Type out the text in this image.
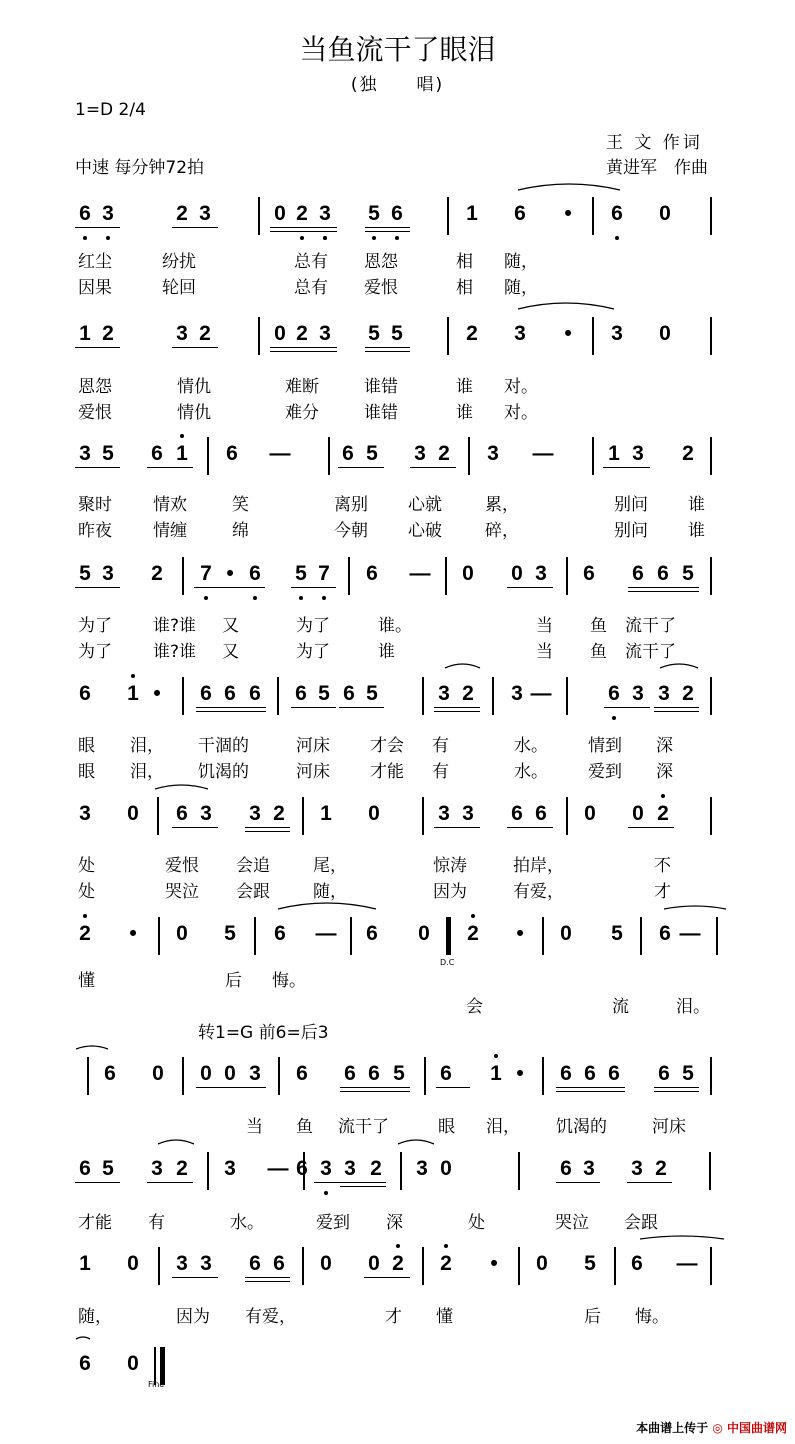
当鱼流干了眼泪
(独　　唱)
1=D 2/4
王 文 作词
中速 每分钟72拍	黄进军　作曲
转1=G 前6=后3
6 3	2 3	0 2 3 5 6	1 6	•	6 0
红尘	纷扰	总有 恩怨	相 随，
因果	轮回	总有 爱恨	相 随，
1 2	3 2	0 2 3 5 5	2 3	•	3 0
恩怨	情仇	难断	谁错	谁 对。
爱恨	情仇	难分	谁错	谁 对。
3 5 6 1 6 — 6 5 3 2 3 —	1 3 2
聚时 情欢	笑	离别 心就	累，	别问 谁
昨夜 情缠	绵	今朝 心破	碎，	别问 谁
5 3 2 7 • 6 5 7 6 — 0 0 3 6 6 6 5
为了 谁?谁 又	为了	谁。	当 鱼 流干了
为了 谁?谁 又	为了	谁	当 鱼 流干了
6 1 •	6 6 6 6 5 6 5	3 2 3 —	6 3 3 2
眼 泪， 干涸的	河床 才会 有	水。 情到 深
眼 泪， 饥渴的	河床 才能 有	水。 爱到 深
3 0 6 3 3 2 1 0	3 3 6 6 0 0 2
处	爱恨 会追	尾，	惊涛	拍岸，	不
处	哭泣 会跟	随，	因为	有爱，	才
2	•	0 5 6 — 6 0 2	•	0 5 6 —
懂	后 悔。
会	流	泪。
6 0 0 0 3 6 6 6 5 6 1 •	6 6 6 6 5
当 鱼 流干了	眼 泪， 饥渴的	河床
6 5 3 2 3 — 6 3 3 2 3 0	6 3 3 2
才能 有	水。	爱到 深	处	哭泣 会跟
1 0 3 3 6 6 0 0 2 2	•	0 5 6 —
随，	因为 有爱，	才 懂	后 悔。
6 0
D.C
Fine
本曲谱上传于 ◎ 中国曲谱网
